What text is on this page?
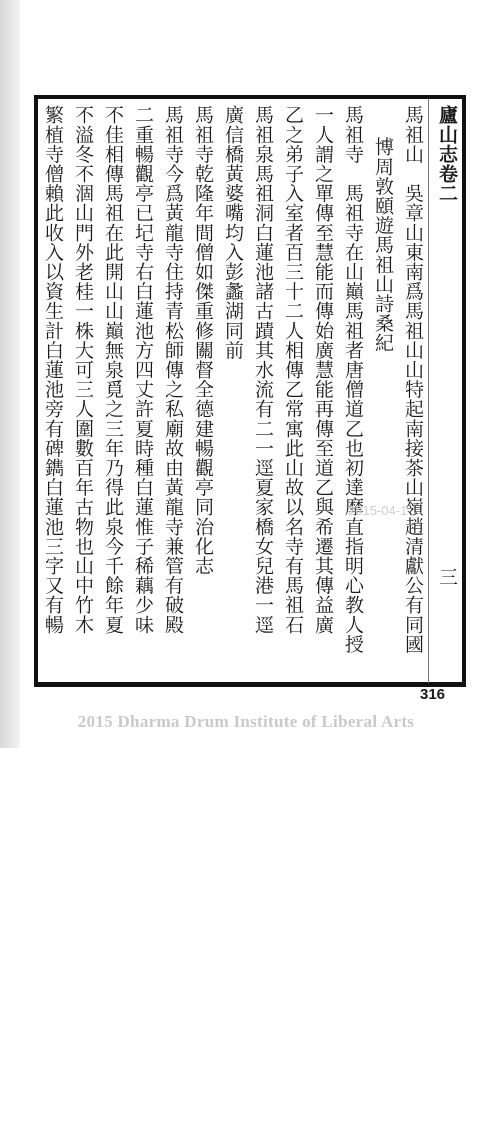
廬山志卷二
三
馬祖山　吳章山東南爲馬祖山山特起南接茶山嶺趙清獻公有同國
博周敦頤遊馬祖山詩桑紀
馬祖寺　馬祖寺在山巔馬祖者唐僧道乙也初達摩直指明心教人授
一人謂之單傳至慧能而傳始廣慧能再傳至道乙與希遷其傳益廣
乙之弟子入室者百三十二人相傳乙常寓此山故以名寺有馬祖石
馬祖泉馬祖洞白蓮池諸古蹟其水流有二一逕夏家橋女兒港一逕
廣信橋黃婆嘴均入彭蠡湖同前
馬祖寺乾隆年間僧如傑重修關督全德建暢觀亭同治化志
馬祖寺今爲黃龍寺住持青松師傳之私廟故由黃龍寺兼管有破殿
二重暢觀亭已圮寺右白蓮池方四丈許夏時種白蓮惟子稀藕少味
不佳相傳馬祖在此開山山巔無泉覓之三年乃得此泉今千餘年夏
不溢冬不涸山門外老桂一株大可三人圍數百年古物也山中竹木
繁植寺僧賴此收入以資生計白蓮池旁有碑鐫白蓮池三字又有暢	2015-04-1
316
2015 Dharma Drum Institute of Liberal Arts
